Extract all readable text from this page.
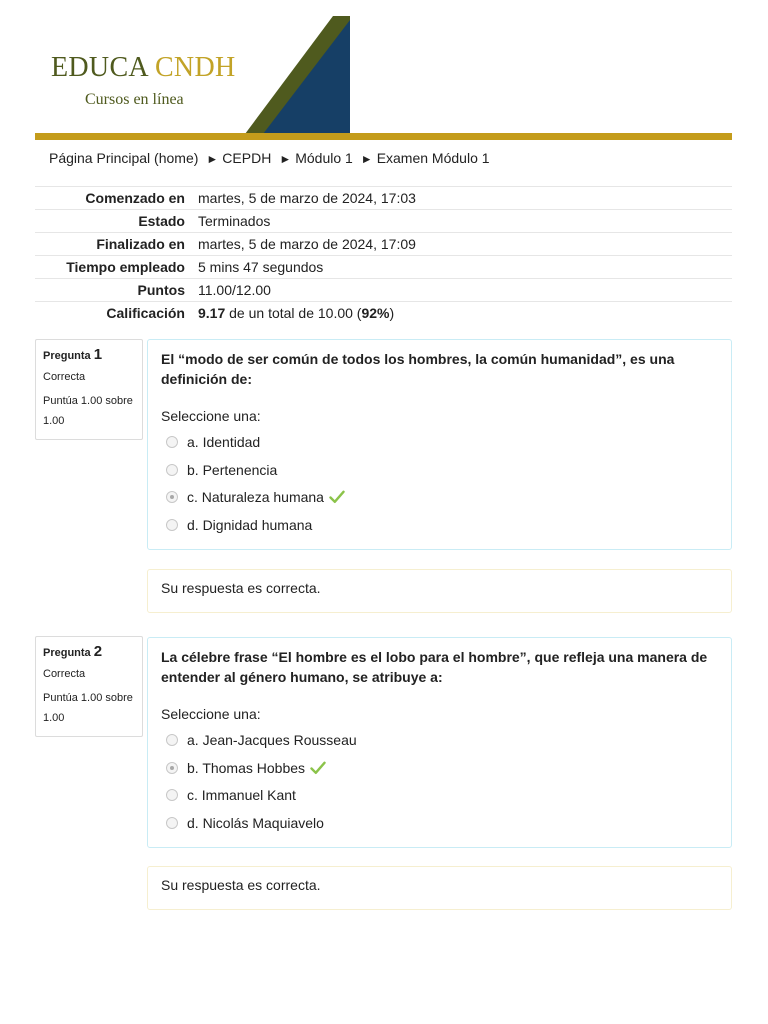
EDUCA CNDH
Cursos en línea
Página Principal (home) ► CEPDH ► Módulo 1 ► Examen Módulo 1
Comenzado en	martes, 5 de marzo de 2024, 17:03
Estado	Terminados
Finalizado en	martes, 5 de marzo de 2024, 17:09
Tiempo empleado	5 mins 47 segundos
Puntos	11.00/12.00
Calificación	9.17 de un total de 10.00 (92%)
Pregunta 1
Correcta
Puntúa 1.00 sobre 1.00
El “modo de ser común de todos los hombres, la común humanidad”, es una definición de:
Seleccione una:
a. Identidad
b. Pertenencia
c. Naturaleza humana
d. Dignidad humana
Su respuesta es correcta.
Pregunta 2
Correcta
Puntúa 1.00 sobre 1.00
La célebre frase “El hombre es el lobo para el hombre”, que refleja una manera de entender al género humano, se atribuye a:
Seleccione una:
a. Jean-Jacques Rousseau
b. Thomas Hobbes
c. Immanuel Kant
d. Nicolás Maquiavelo
Su respuesta es correcta.
